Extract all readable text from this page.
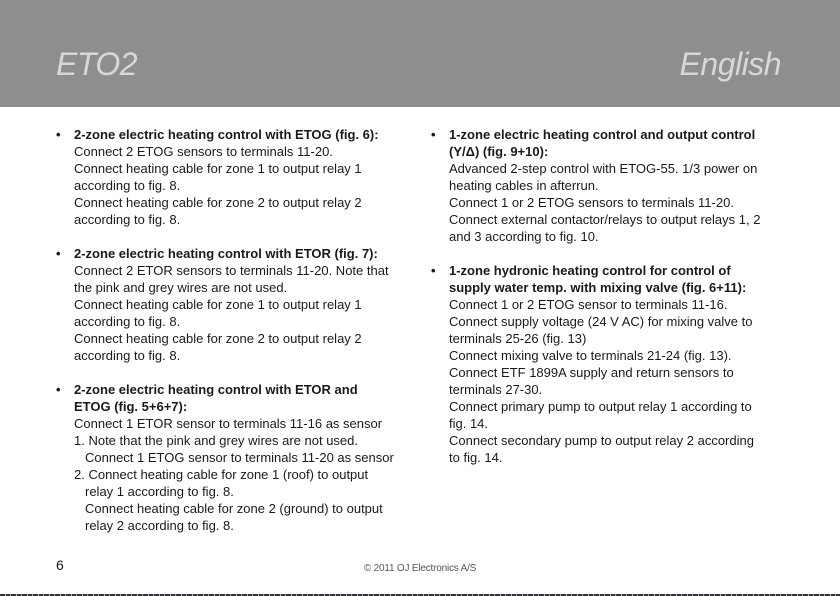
ETO2	English
• 2-zone electric heating control with ETOG (fig. 6):
Connect 2 ETOG sensors to terminals 11-20.
Connect heating cable for zone 1 to output relay 1
according to fig. 8.
Connect heating cable for zone 2 to output relay 2
according to fig. 8.
• 2-zone electric heating control with ETOR (fig. 7):
Connect 2 ETOR sensors to terminals 11-20. Note that
the pink and grey wires are not used.
Connect heating cable for zone 1 to output relay 1
according to fig. 8.
Connect heating cable for zone 2 to output relay 2
according to fig. 8.
• 2-zone electric heating control with ETOR and
ETOG (fig. 5+6+7):
Connect 1 ETOR sensor to terminals 11-16 as sensor
1. Note that the pink and grey wires are not used.
Connect 1 ETOG sensor to terminals 11-20 as sensor
2. Connect heating cable for zone 1 (roof) to output
relay 1 according to fig. 8.
Connect heating cable for zone 2 (ground) to output
relay 2 according to fig. 8.
• 1-zone electric heating control and output control
(Y/Δ) (fig. 9+10):
Advanced 2-step control with ETOG-55. 1/3 power on
heating cables in afterrun.
Connect 1 or 2 ETOG sensors to terminals 11-20.
Connect external contactor/relays to output relays 1, 2
and 3 according to fig. 10.
• 1-zone hydronic heating control for control of
supply water temp. with mixing valve (fig. 6+11):
Connect 1 or 2 ETOG sensor to terminals 11-16.
Connect supply voltage (24 V AC) for mixing valve to
terminals 25-26 (fig. 13)
Connect mixing valve to terminals 21-24 (fig. 13).
Connect ETF 1899A supply and return sensors to
terminals 27-30.
Connect primary pump to output relay 1 according to
fig. 14.
Connect secondary pump to output relay 2 according
to fig. 14.
6	© 2011 OJ Electronics A/S
